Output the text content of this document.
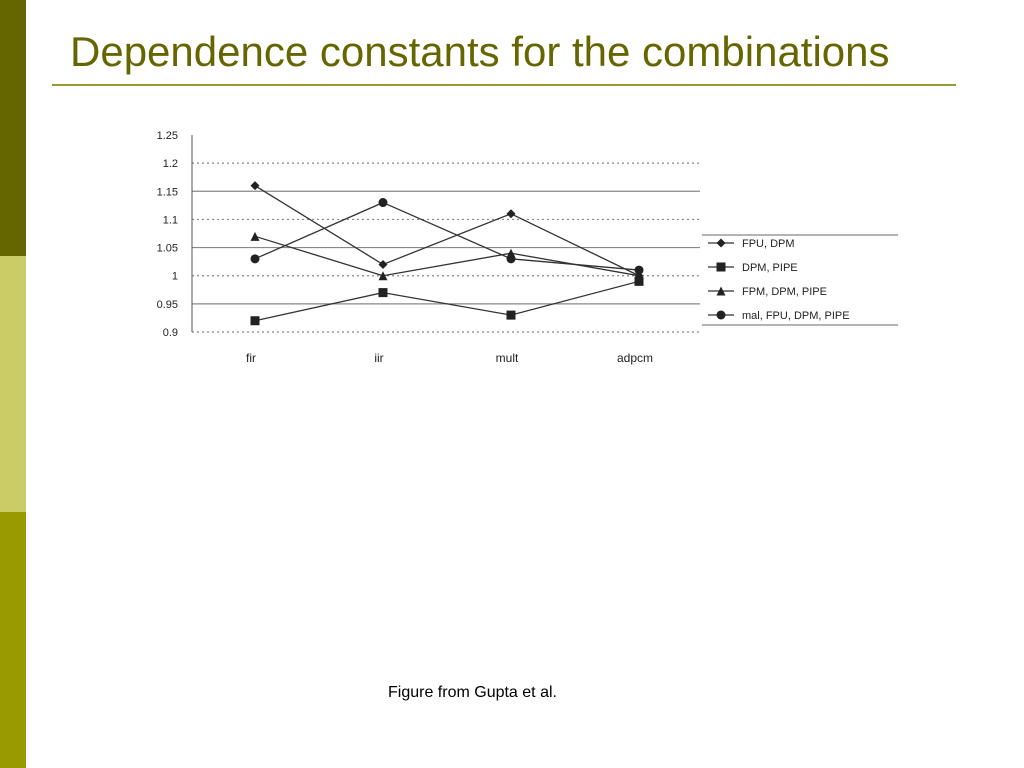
Dependence constants for the combinations
1.25
1.2
1.15
1.1
1.05
1
0.95
0.9
fir	iir	mult	adpcm
FPU, DPM
DPM, PIPE
FPM, DPM, PIPE
mal, FPU, DPM, PIPE
Figure from Gupta et al.
